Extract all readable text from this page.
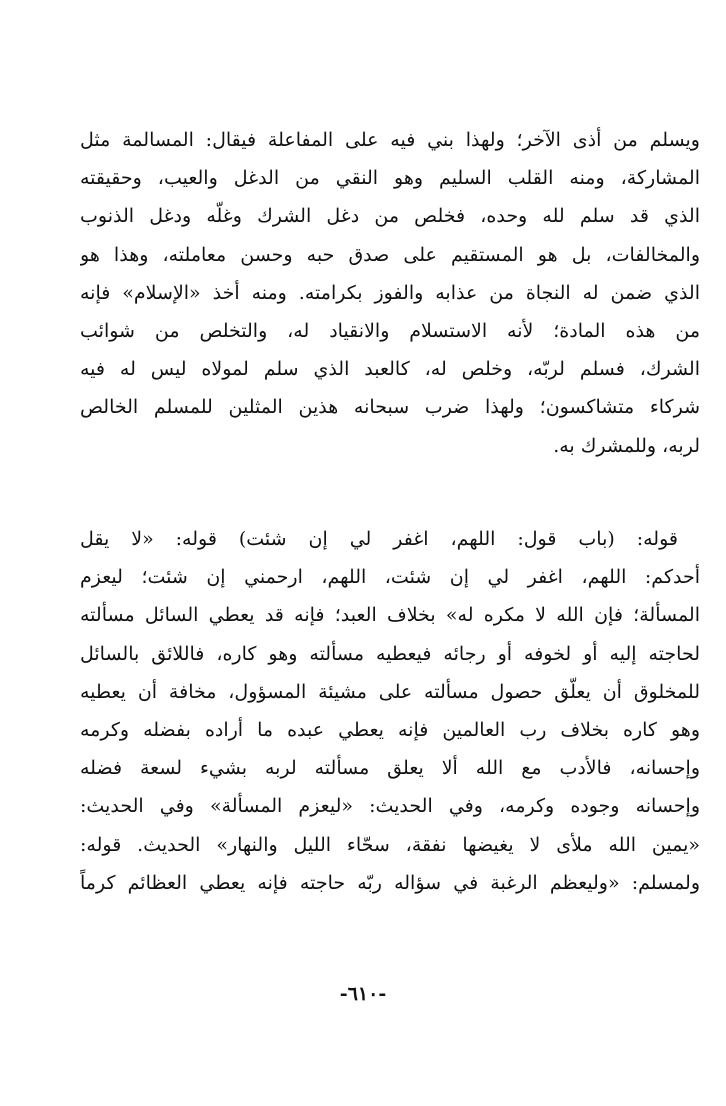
ويسلم من أذى الآخر؛ ولهذا بني فيه على المفاعلة فيقال: المسالمة مثل
المشاركة، ومنه القلب السليم وهو النقي من الدغل والعيب، وحقيقته
الذي قد سلم لله وحده، فخلص من دغل الشرك وغلّه ودغل الذنوب
والمخالفات، بل هو المستقيم على صدق حبه وحسن معاملته، وهذا هو
الذي ضمن له النجاة من عذابه والفوز بكرامته. ومنه أخذ «الإسلام» فإنه
من هذه المادة؛ لأنه الاستسلام والانقياد له، والتخلص من شوائب
الشرك، فسلم لربّه، وخلص له، كالعبد الذي سلم لمولاه ليس له فيه
شركاء متشاكسون؛ ولهذا ضرب سبحانه هذين المثلين للمسلم الخالص
لربه، وللمشرك به.
قوله: (باب قول: اللهم، اغفر لي إن شئت) قوله: «لا يقل
أحدكم: اللهم، اغفر لي إن شئت، اللهم، ارحمني إن شئت؛ ليعزم
المسألة؛ فإن الله لا مكره له» بخلاف العبد؛ فإنه قد يعطي السائل مسألته
لحاجته إليه أو لخوفه أو رجائه فيعطيه مسألته وهو كاره، فاللائق بالسائل
للمخلوق أن يعلّق حصول مسألته على مشيئة المسؤول، مخافة أن يعطيه
وهو كاره بخلاف رب العالمين فإنه يعطي عبده ما أراده بفضله وكرمه
وإحسانه، فالأدب مع الله ألا يعلق مسألته لربه بشيء لسعة فضله
وإحسانه وجوده وكرمه، وفي الحديث: «ليعزم المسألة» وفي الحديث:
«يمين الله ملأى لا يغيضها نفقة، سحّاء الليل والنهار» الحديث. قوله:
ولمسلم: «وليعظم الرغبة في سؤاله ربّه حاجته فإنه يعطي العظائم كرماً
-٦١٠-
